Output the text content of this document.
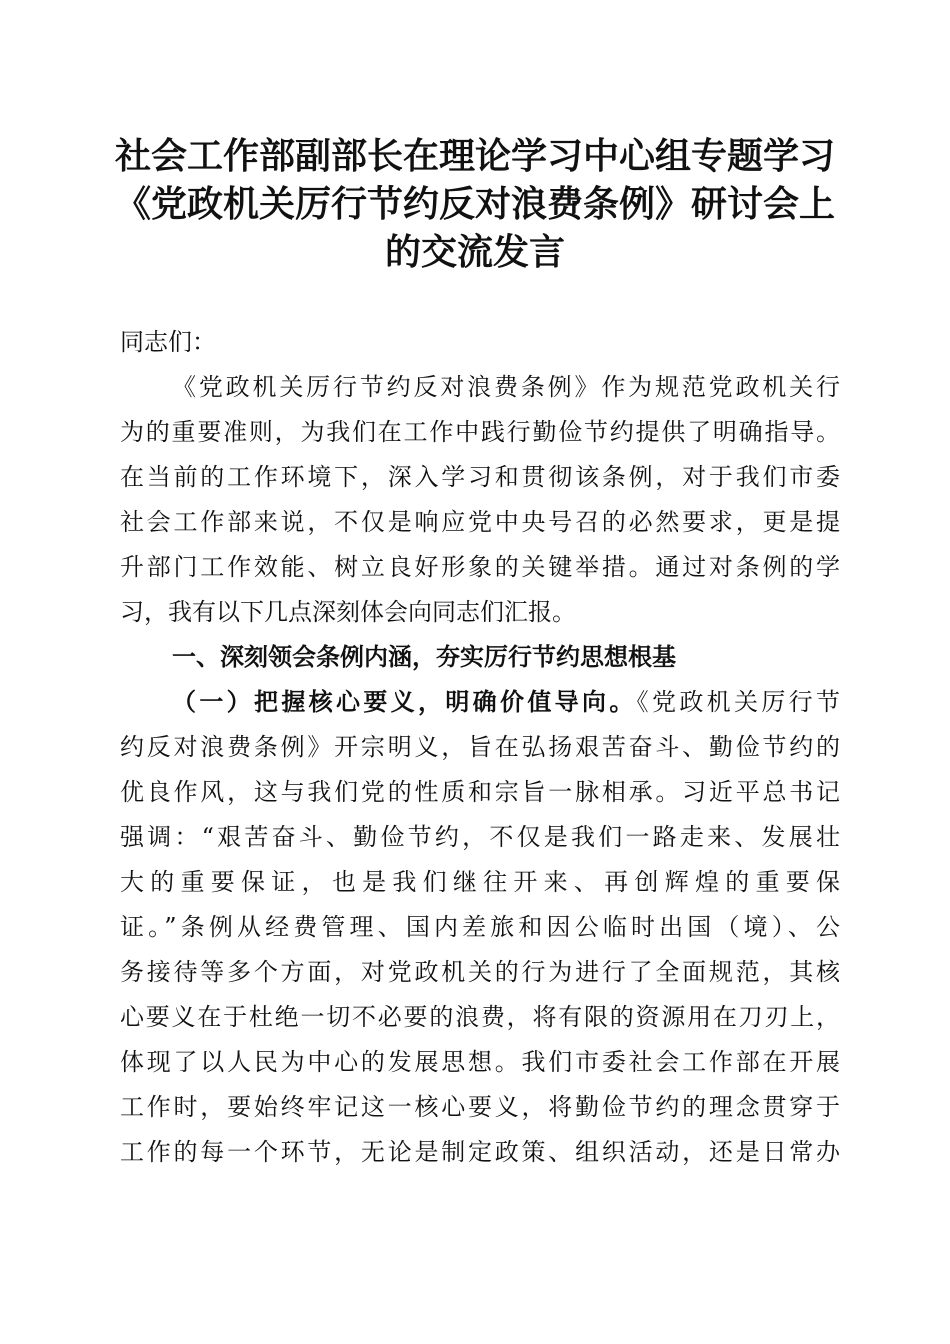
社会工作部副部长在理论学习中心组专题学习
《党政机关厉行节约反对浪费条例》研讨会上
的交流发言
同志们：
《党政机关厉行节约反对浪费条例》作为规范党政机关行
为的重要准则，为我们在工作中践行勤俭节约提供了明确指导。
在当前的工作环境下，深入学习和贯彻该条例，对于我们市委
社会工作部来说，不仅是响应党中央号召的必然要求，更是提
升部门工作效能、树立良好形象的关键举措。通过对条例的学
习，我有以下几点深刻体会向同志们汇报。
一、深刻领会条例内涵，夯实厉行节约思想根基
（一）把握核心要义，明确价值导向。《党政机关厉行节
约反对浪费条例》开宗明义，旨在弘扬艰苦奋斗、勤俭节约的
优良作风，这与我们党的性质和宗旨一脉相承。习近平总书记
强调：“艰苦奋斗、勤俭节约，不仅是我们一路走来、发展壮
大的重要保证，也是我们继往开来、再创辉煌的重要保
证。”条例从经费管理、国内差旅和因公临时出国（境）、公
务接待等多个方面，对党政机关的行为进行了全面规范，其核
心要义在于杜绝一切不必要的浪费，将有限的资源用在刀刃上，
体现了以人民为中心的发展思想。我们市委社会工作部在开展
工作时，要始终牢记这一核心要义，将勤俭节约的理念贯穿于
工作的每一个环节，无论是制定政策、组织活动，还是日常办
